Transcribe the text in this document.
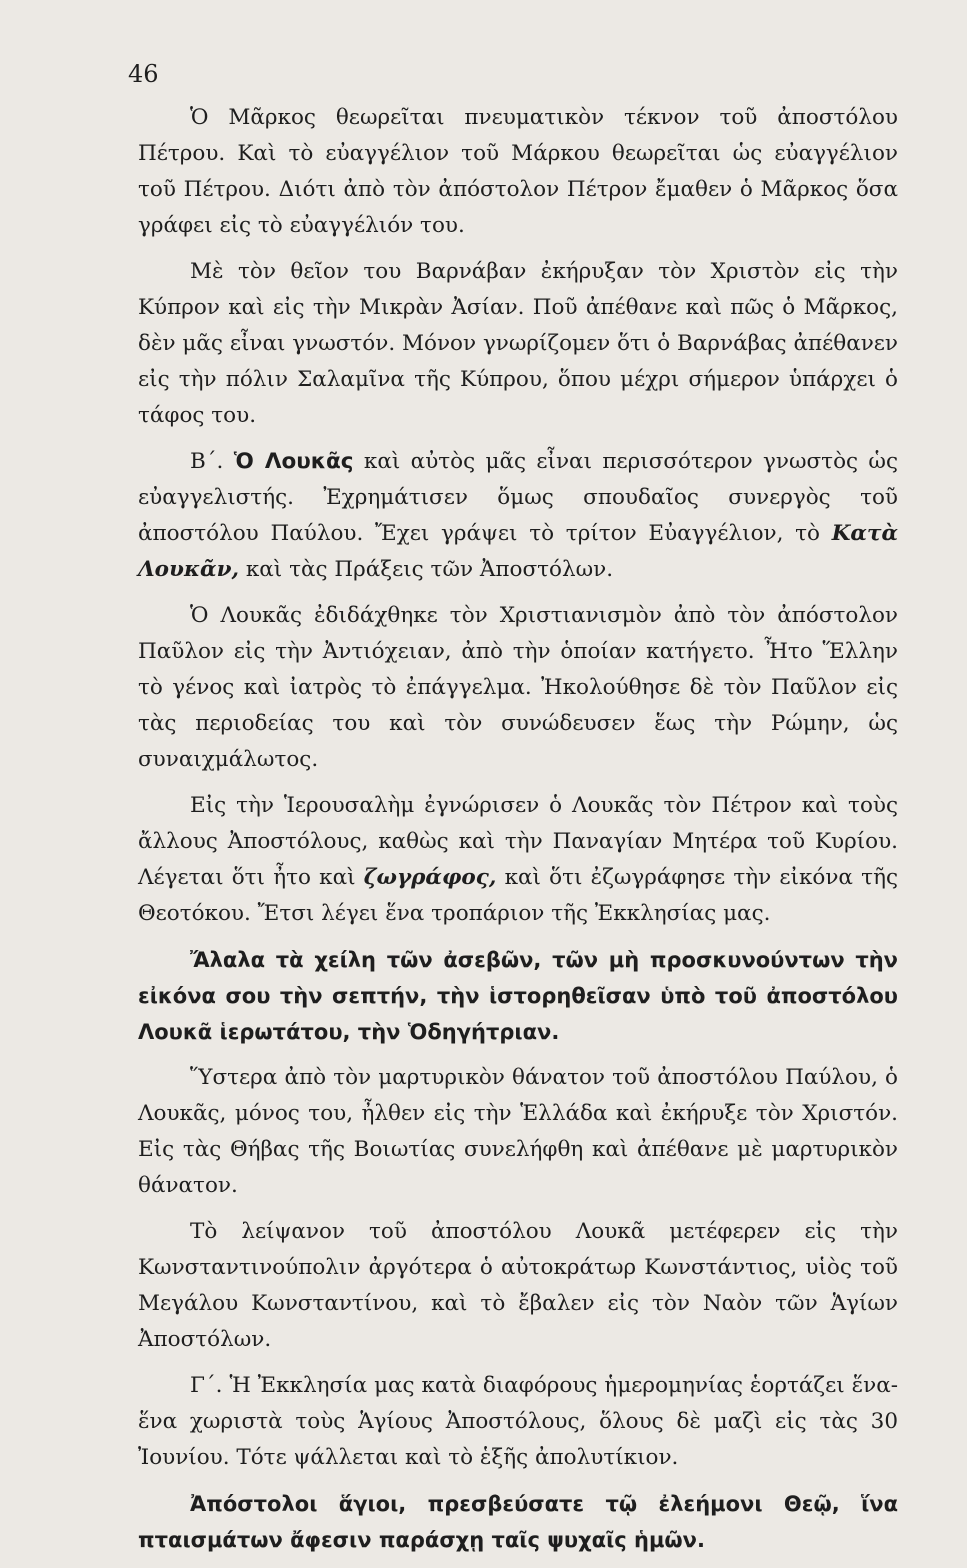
46

Ὁ Μᾶρκος θεωρεῖται πνευματικὸν τέκνον τοῦ ἀποστόλου Πέτρου. Καὶ τὸ εὐαγγέλιον τοῦ Μάρκου θεωρεῖται ὡς εὐαγγέλιον τοῦ Πέτρου. Διότι ἀπὸ τὸν ἀπόστολον Πέτρον ἔμαθεν ὁ Μᾶρκος ὅσα γράφει εἰς τὸ εὐαγγέλιόν του.

Μὲ τὸν θεῖον του Βαρνάβαν ἐκήρυξαν τὸν Χριστὸν εἰς τὴν Κύπρον καὶ εἰς τὴν Μικρὰν Ἀσίαν. Ποῦ ἀπέθανε καὶ πῶς ὁ Μᾶρκος, δὲν μᾶς εἶναι γνωστόν. Μόνον γνωρίζομεν ὅτι ὁ Βαρνάβας ἀπέθανεν εἰς τὴν πόλιν Σαλαμῖνα τῆς Κύπρου, ὅπου μέχρι σήμερον ὑπάρχει ὁ τάφος του.

Β΄. Ὁ Λουκᾶς καὶ αὐτὸς μᾶς εἶναι περισσότερον γνωστὸς ὡς εὐαγγελιστής. Ἐχρημάτισεν ὅμως σπουδαῖος συνεργὸς τοῦ ἀποστόλου Παύλου. Ἔχει γράψει τὸ τρίτον Εὐαγγέλιον, τὸ Κατὰ Λουκᾶν, καὶ τὰς Πράξεις τῶν Ἀποστόλων.

Ὁ Λουκᾶς ἐδιδάχθηκε τὸν Χριστιανισμὸν ἀπὸ τὸν ἀπόστολον Παῦλον εἰς τὴν Ἀντιόχειαν, ἀπὸ τὴν ὁποίαν κατήγετο. Ἦτο Ἕλλην τὸ γένος καὶ ἰατρὸς τὸ ἐπάγγελμα. Ἠκολούθησε δὲ τὸν Παῦλον εἰς τὰς περιοδείας του καὶ τὸν συνώδευσεν ἕως τὴν Ρώμην, ὡς συναιχμάλωτος.

Εἰς τὴν Ἱερουσαλὴμ ἐγνώρισεν ὁ Λουκᾶς τὸν Πέτρον καὶ τοὺς ἄλλους Ἀποστόλους, καθὼς καὶ τὴν Παναγίαν Μητέρα τοῦ Κυρίου. Λέγεται ὅτι ἦτο καὶ ζωγράφος, καὶ ὅτι ἐζωγράφησε τὴν εἰκόνα τῆς Θεοτόκου. Ἔτσι λέγει ἕνα τροπάριον τῆς Ἐκκλησίας μας.

Ἄλαλα τὰ χείλη τῶν ἀσεβῶν, τῶν μὴ προσκυνούντων τὴν εἰκόνα σου τὴν σεπτήν, τὴν ἱστορηθεῖσαν ὑπὸ τοῦ ἀποστόλου Λουκᾶ ἱερωτάτου, τὴν Ὁδηγήτριαν.

Ὕστερα ἀπὸ τὸν μαρτυρικὸν θάνατον τοῦ ἀποστόλου Παύλου, ὁ Λουκᾶς, μόνος του, ἦλθεν εἰς τὴν Ἑλλάδα καὶ ἐκήρυξε τὸν Χριστόν. Εἰς τὰς Θήβας τῆς Βοιωτίας συνελήφθη καὶ ἀπέθανε μὲ μαρτυρικὸν θάνατον.

Τὸ λείψανον τοῦ ἀποστόλου Λουκᾶ μετέφερεν εἰς τὴν Κωνσταντινούπολιν ἀργότερα ὁ αὐτοκράτωρ Κωνστάντιος, υἱὸς τοῦ Μεγάλου Κωνσταντίνου, καὶ τὸ ἔβαλεν εἰς τὸν Ναὸν τῶν Ἁγίων Ἀποστόλων.

Γ΄. Ἡ Ἐκκλησία μας κατὰ διαφόρους ἡμερομηνίας ἑορτάζει ἕνα-ἕνα χωριστὰ τοὺς Ἁγίους Ἀποστόλους, ὅλους δὲ μαζὶ εἰς τὰς 30 Ἰουνίου. Τότε ψάλλεται καὶ τὸ ἑξῆς ἀπολυτίκιον.

Ἀπόστολοι ἅγιοι, πρεσβεύσατε τῷ ἐλεήμονι Θεῷ, ἵνα πταισμάτων ἄφεσιν παράσχῃ ταῖς ψυχαῖς ἡμῶν.
